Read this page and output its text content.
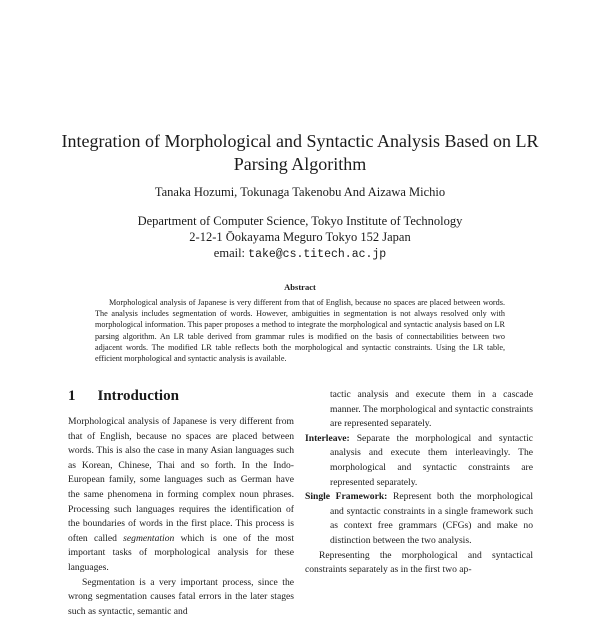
Integration of Morphological and Syntactic Analysis Based on LR Parsing Algorithm
Tanaka Hozumi, Tokunaga Takenobu And Aizawa Michio
Department of Computer Science, Tokyo Institute of Technology
2-12-1 Ōokayama Meguro Tokyo 152 Japan
email: take@cs.titech.ac.jp
Abstract

Morphological analysis of Japanese is very different from that of English, because no spaces are placed between words. The analysis includes segmentation of words. However, ambiguities in segmentation is not always resolved only with morphological information. This paper proposes a method to integrate the morphological and syntactic analysis based on LR parsing algorithm. An LR table derived from grammar rules is modified on the basis of connectabilities between two adjacent words. The modified LR table reflects both the morphological and syntactic constraints. Using the LR table, efficient morphological and syntactic analysis is available.

1 Introduction

Morphological analysis of Japanese is very different from that of English, because no spaces are placed between words. This is also the case in many Asian languages such as Korean, Chinese, Thai and so forth. In the Indo-European family, some languages such as German have the same phenomena in forming complex noun phrases. Processing such languages requires the identification of the boundaries of words in the first place. This process is often called segmentation which is one of the most important tasks of morphological analysis for these languages.

Segmentation is a very important process, since the wrong segmentation causes fatal errors in the later stages such as syntactic, semantic and

tactic analysis and execute them in a cascade manner. The morphological and syntactic constraints are represented separately.

Interleave: Separate the morphological and syntactic analysis and execute them interleavingly. The morphological and syntactic constraints are represented separately.

Single Framework: Represent both the morphological and syntactic constraints in a single framework such as context free grammars (CFGs) and make no distinction between the two analysis.

Representing the morphological and syntactical constraints separately as in the first two ap-
